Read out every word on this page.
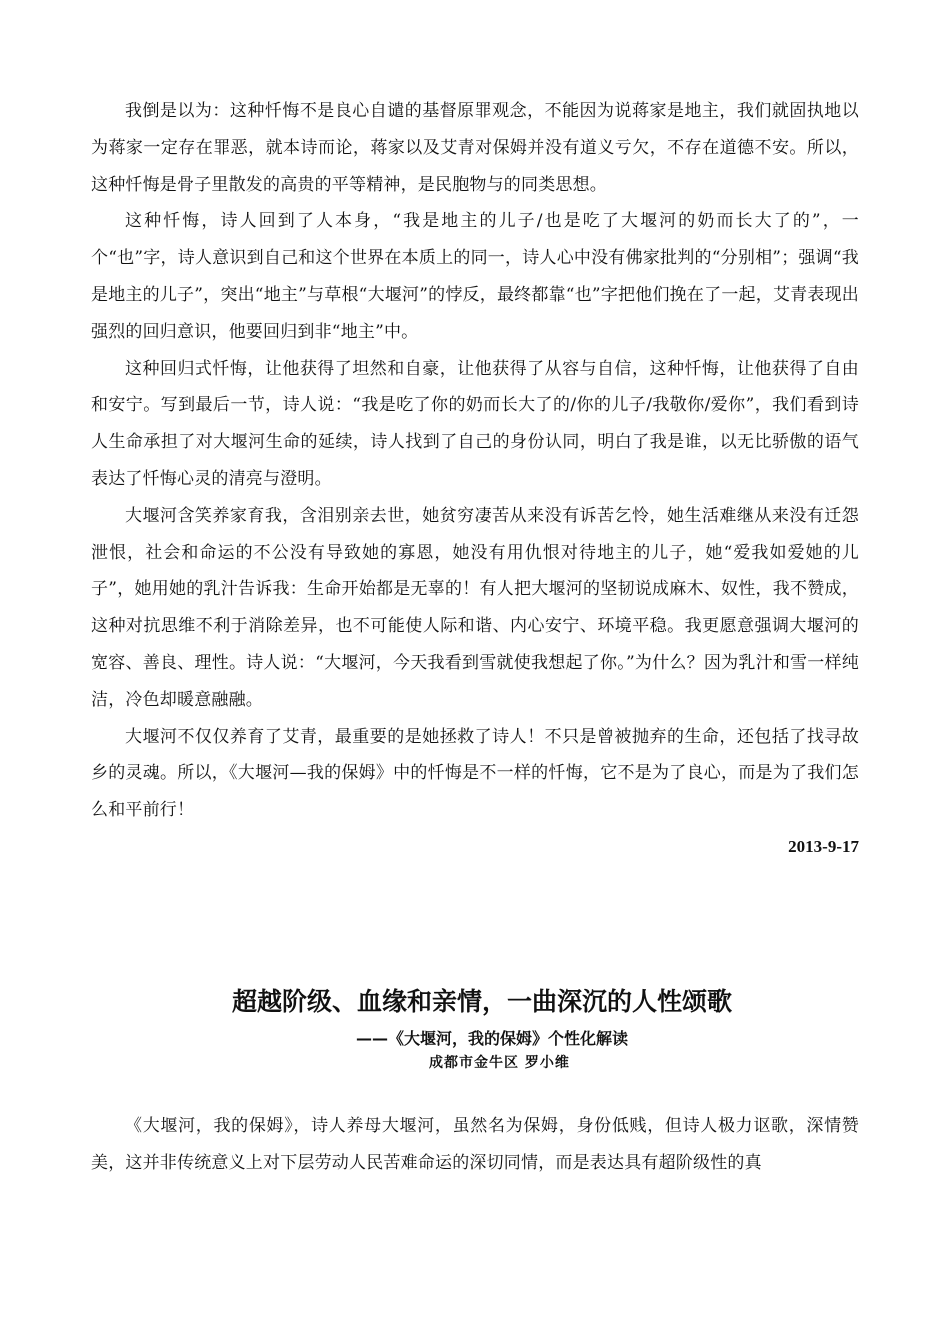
我倒是以为：这种忏悔不是良心自谴的基督原罪观念，不能因为说蒋家是地主，我们就固执地以为蒋家一定存在罪恶，就本诗而论，蒋家以及艾青对保姆并没有道义亏欠，不存在道德不安。所以，这种忏悔是骨子里散发的高贵的平等精神，是民胞物与的同类思想。

这种忏悔，诗人回到了人本身，“我是地主的儿子/也是吃了大堰河的奶而长大了的”，一个“也”字，诗人意识到自己和这个世界在本质上的同一，诗人心中没有佛家批判的“分别相”；强调“我是地主的儿子”，突出“地主”与草根“大堰河”的悖反，最终都靠“也”字把他们挽在了一起，艾青表现出强烈的回归意识，他要回归到非“地主”中。

这种回归式忏悔，让他获得了坦然和自豪，让他获得了从容与自信，这种忏悔，让他获得了自由和安宁。写到最后一节，诗人说：“我是吃了你的奶而长大了的/你的儿子/我敬你/爱你”，我们看到诗人生命承担了对大堰河生命的延续，诗人找到了自己的身份认同，明白了我是谁，以无比骄傲的语气表达了忏悔心灵的清亮与澄明。

大堰河含笑养家育我，含泪别亲去世，她贫穷凄苦从来没有诉苦乞怜，她生活难继从来没有迁怨泄恨，社会和命运的不公没有导致她的寡恩，她没有用仇恨对待地主的儿子，她“爱我如爱她的儿子”，她用她的乳汁告诉我：生命开始都是无辜的！有人把大堰河的坚韧说成麻木、奴性，我不赞成，这种对抗思维不利于消除差异，也不可能使人际和谐、内心安宁、环境平稳。我更愿意强调大堰河的宽容、善良、理性。诗人说：“大堰河，今天我看到雪就使我想起了你。”为什么？因为乳汁和雪一样纯洁，冷色却暖意融融。

大堰河不仅仅养育了艾青，最重要的是她拯救了诗人！不只是曾被抛弃的生命，还包括了找寻故乡的灵魂。所以，《大堰河—我的保姆》中的忏悔是不一样的忏悔，它不是为了良心，而是为了我们怎么和平前行！

2013-9-17

超越阶级、血缘和亲情，一曲深沉的人性颂歌
——《大堰河，我的保姆》个性化解读
成都市金牛区 罗小维

《大堰河，我的保姆》，诗人养母大堰河，虽然名为保姆，身份低贱，但诗人极力讴歌，深情赞美，这并非传统意义上对下层劳动人民苦难命运的深切同情，而是表达具有超阶级性的真
